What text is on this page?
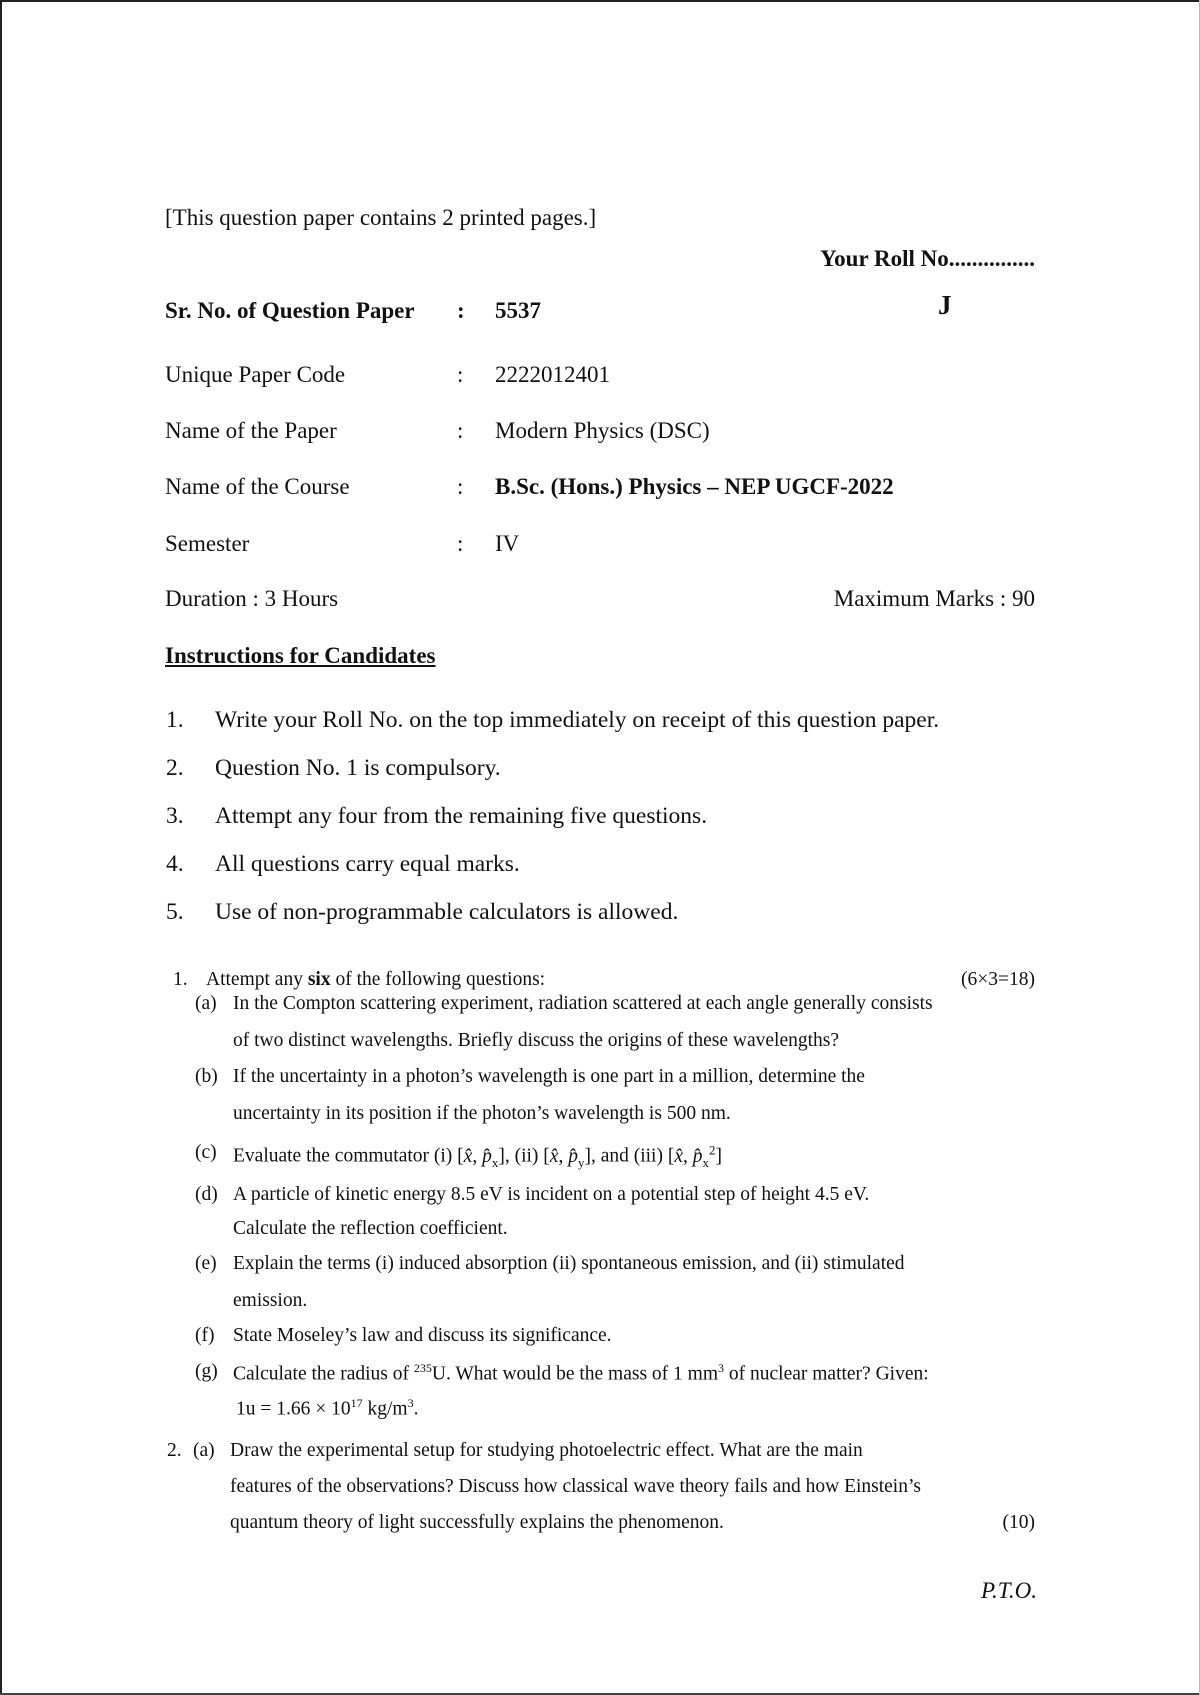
[This question paper contains 2 printed pages.]
Your Roll No...............
J
Sr. No. of Question Paper : 5537
Unique Paper Code	: 2222012401
Name of the Paper	: Modern Physics (DSC)
Name of the Course	: B.Sc. (Hons.) Physics – NEP UGCF-2022
Semester	: IV
Duration : 3 Hours	Maximum Marks : 90
Instructions for Candidates
1. Write your Roll No. on the top immediately on receipt of this question paper.
2. Question No. 1 is compulsory.
3. Attempt any four from the remaining five questions.
4. All questions carry equal marks.
5. Use of non-programmable calculators is allowed.
1. Attempt any six of the following questions:	(6×3=18)
(a) In the Compton scattering experiment, radiation scattered at each angle generally consists
of two distinct wavelengths. Briefly discuss the origins of these wavelengths?
(b) If the uncertainty in a photon’s wavelength is one part in a million, determine the
uncertainty in its position if the photon’s wavelength is 500 nm.
(c) Evaluate the commutator (i) [x̂, $p̂_x$], (ii) [x̂, $p̂_y$], and (iii) [x̂, $p̂_x^2$]
(d) A particle of kinetic energy 8.5 eV is incident on a potential step of height 4.5 eV.
Calculate the reflection coefficient.
(e) Explain the terms (i) induced absorption (ii) spontaneous emission, and (ii) stimulated
emission.
(f) State Moseley’s law and discuss its significance.
(g) Calculate the radius of $^{235}$U. What would be the mass of 1 $mm^3$ of nuclear matter? Given:
$1u = 1.66 \times 10^{17}$ $kg/m^3$.
2. (a) Draw the experimental setup for studying photoelectric effect. What are the main
features of the observations? Discuss how classical wave theory fails and how Einstein’s
quantum theory of light successfully explains the phenomenon.	(10)
P.T.O.
